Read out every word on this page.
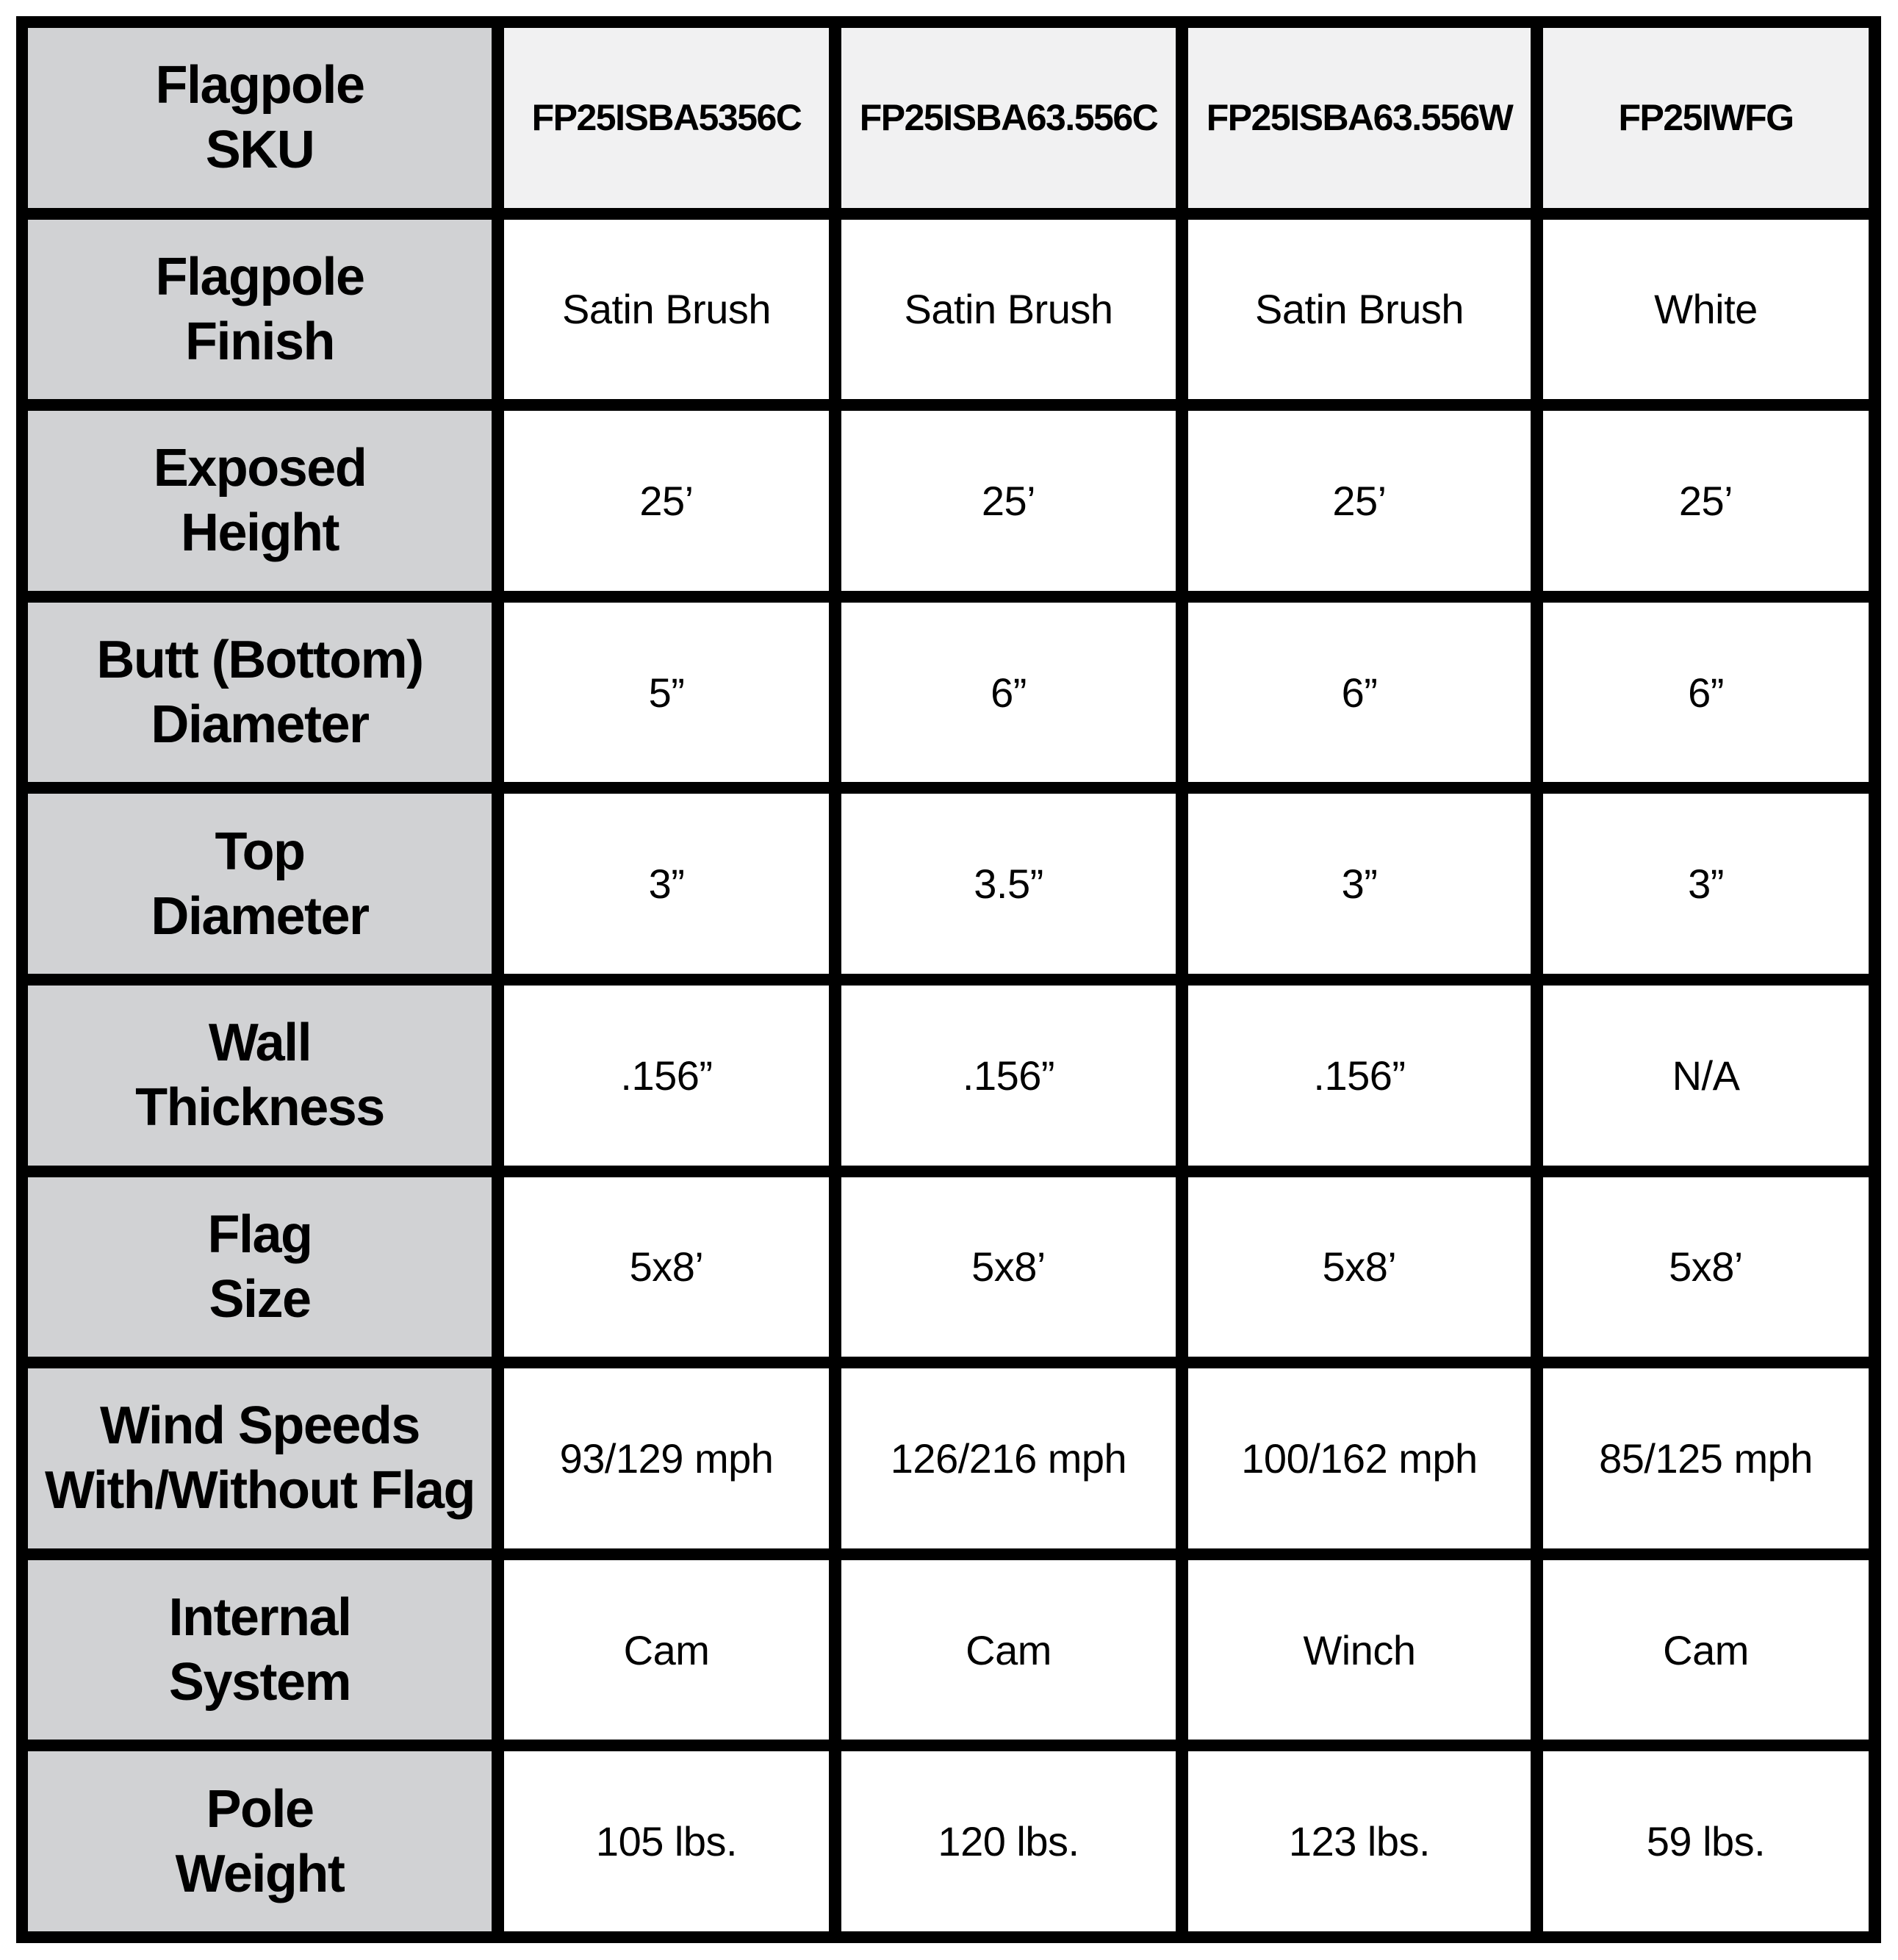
Flagpole
SKU
FP25ISBA5356C	FP25ISBA63.556C	FP25ISBA63.556W	FP25IWFG
Flagpole
Finish
Satin Brush	Satin Brush	Satin Brush	White
Exposed
Height
25’	25’	25’	25’
Butt (Bottom)
Diameter
5”	6”	6”	6”
Top
Diameter
3”	3.5”	3”	3”
Wall
Thickness
.156”	.156”	.156”	N/A
Flag
Size
5x8’	5x8’	5x8’	5x8’
Wind Speeds
With/Without Flag
93/129 mph	126/216 mph	100/162 mph	85/125 mph
Internal
System
Cam	Cam	Winch	Cam
Pole
Weight
105 lbs.	120 lbs.	123 lbs.	59 lbs.
